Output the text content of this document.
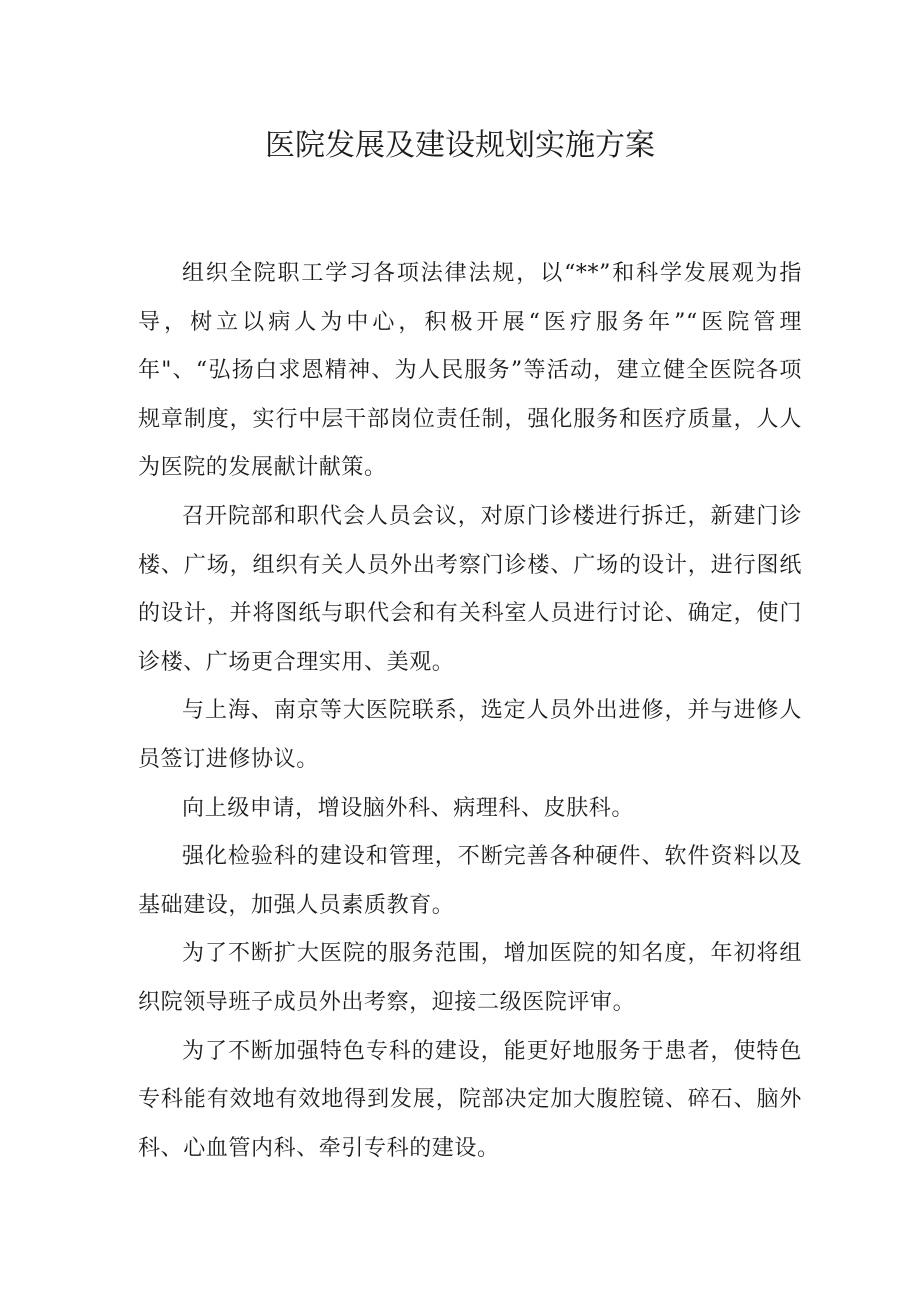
医院发展及建设规划实施方案

组织全院职工学习各项法律法规，以“**”和科学发展观为指导，树立以病人为中心，积极开展“医疗服务年”“医院管理年"、“弘扬白求恩精神、为人民服务”等活动，建立健全医院各项规章制度，实行中层干部岗位责任制，强化服务和医疗质量，人人为医院的发展献计献策。

召开院部和职代会人员会议，对原门诊楼进行拆迁，新建门诊楼、广场，组织有关人员外出考察门诊楼、广场的设计，进行图纸的设计，并将图纸与职代会和有关科室人员进行讨论、确定，使门诊楼、广场更合理实用、美观。

与上海、南京等大医院联系，选定人员外出进修，并与进修人员签订进修协议。

向上级申请，增设脑外科、病理科、皮肤科。

强化检验科的建设和管理，不断完善各种硬件、软件资料以及基础建设，加强人员素质教育。

为了不断扩大医院的服务范围，增加医院的知名度，年初将组织院领导班子成员外出考察，迎接二级医院评审。

为了不断加强特色专科的建设，能更好地服务于患者，使特色专科能有效地有效地得到发展，院部决定加大腹腔镜、碎石、脑外科、心血管内科、牵引专科的建设。
